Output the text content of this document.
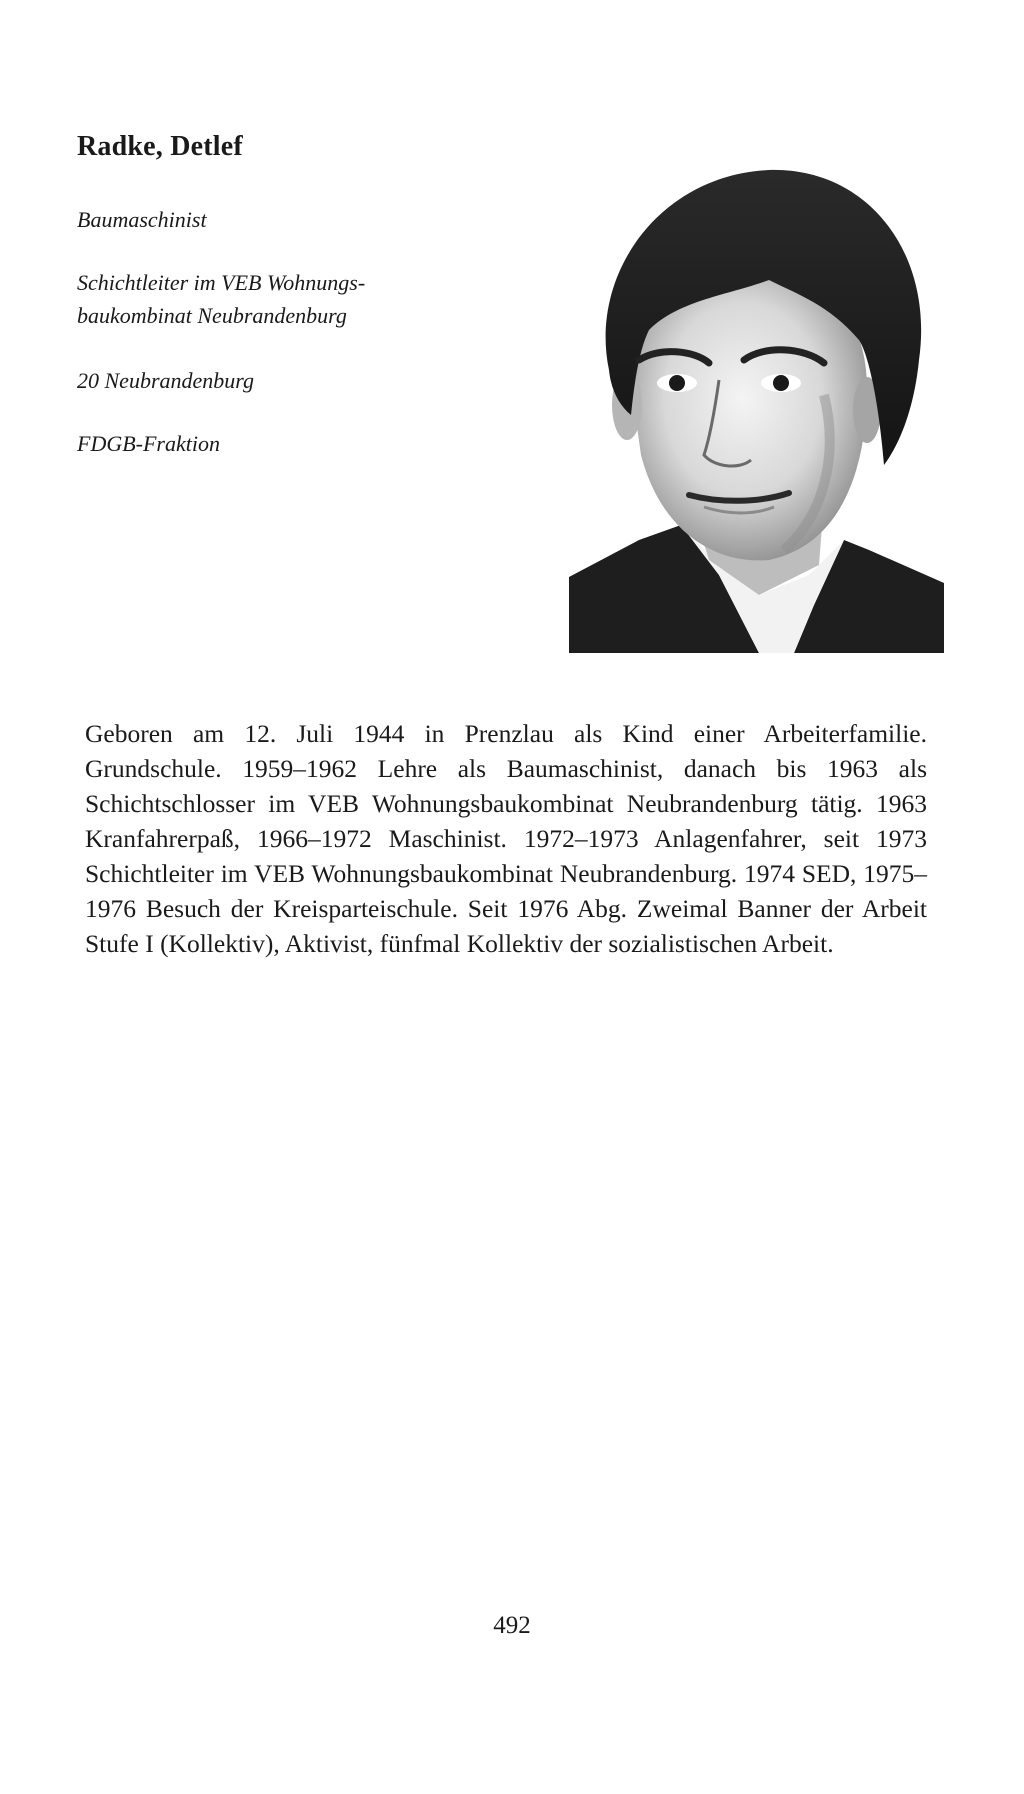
Radke, Detlef

Baumaschinist

Schichtleiter im VEB Wohnungs-
baukombinat Neubrandenburg

20 Neubrandenburg

FDGB-Fraktion

Geboren am 12. Juli 1944 in Prenzlau als Kind einer Arbeiterfamilie. Grundschule. 1959–1962 Lehre als Baumaschinist, danach bis 1963 als Schichtschlosser im VEB Wohnungsbaukombinat Neubrandenburg tätig. 1963 Kranfahrerpaß, 1966–1972 Maschinist. 1972–1973 Anlagenfahrer, seit 1973 Schichtleiter im VEB Wohnungsbaukombinat Neubrandenburg. 1974 SED, 1975–1976 Besuch der Kreisparteischule. Seit 1976 Abg. Zweimal Banner der Arbeit Stufe I (Kollektiv), Aktivist, fünfmal Kollektiv der sozialistischen Arbeit.

492
